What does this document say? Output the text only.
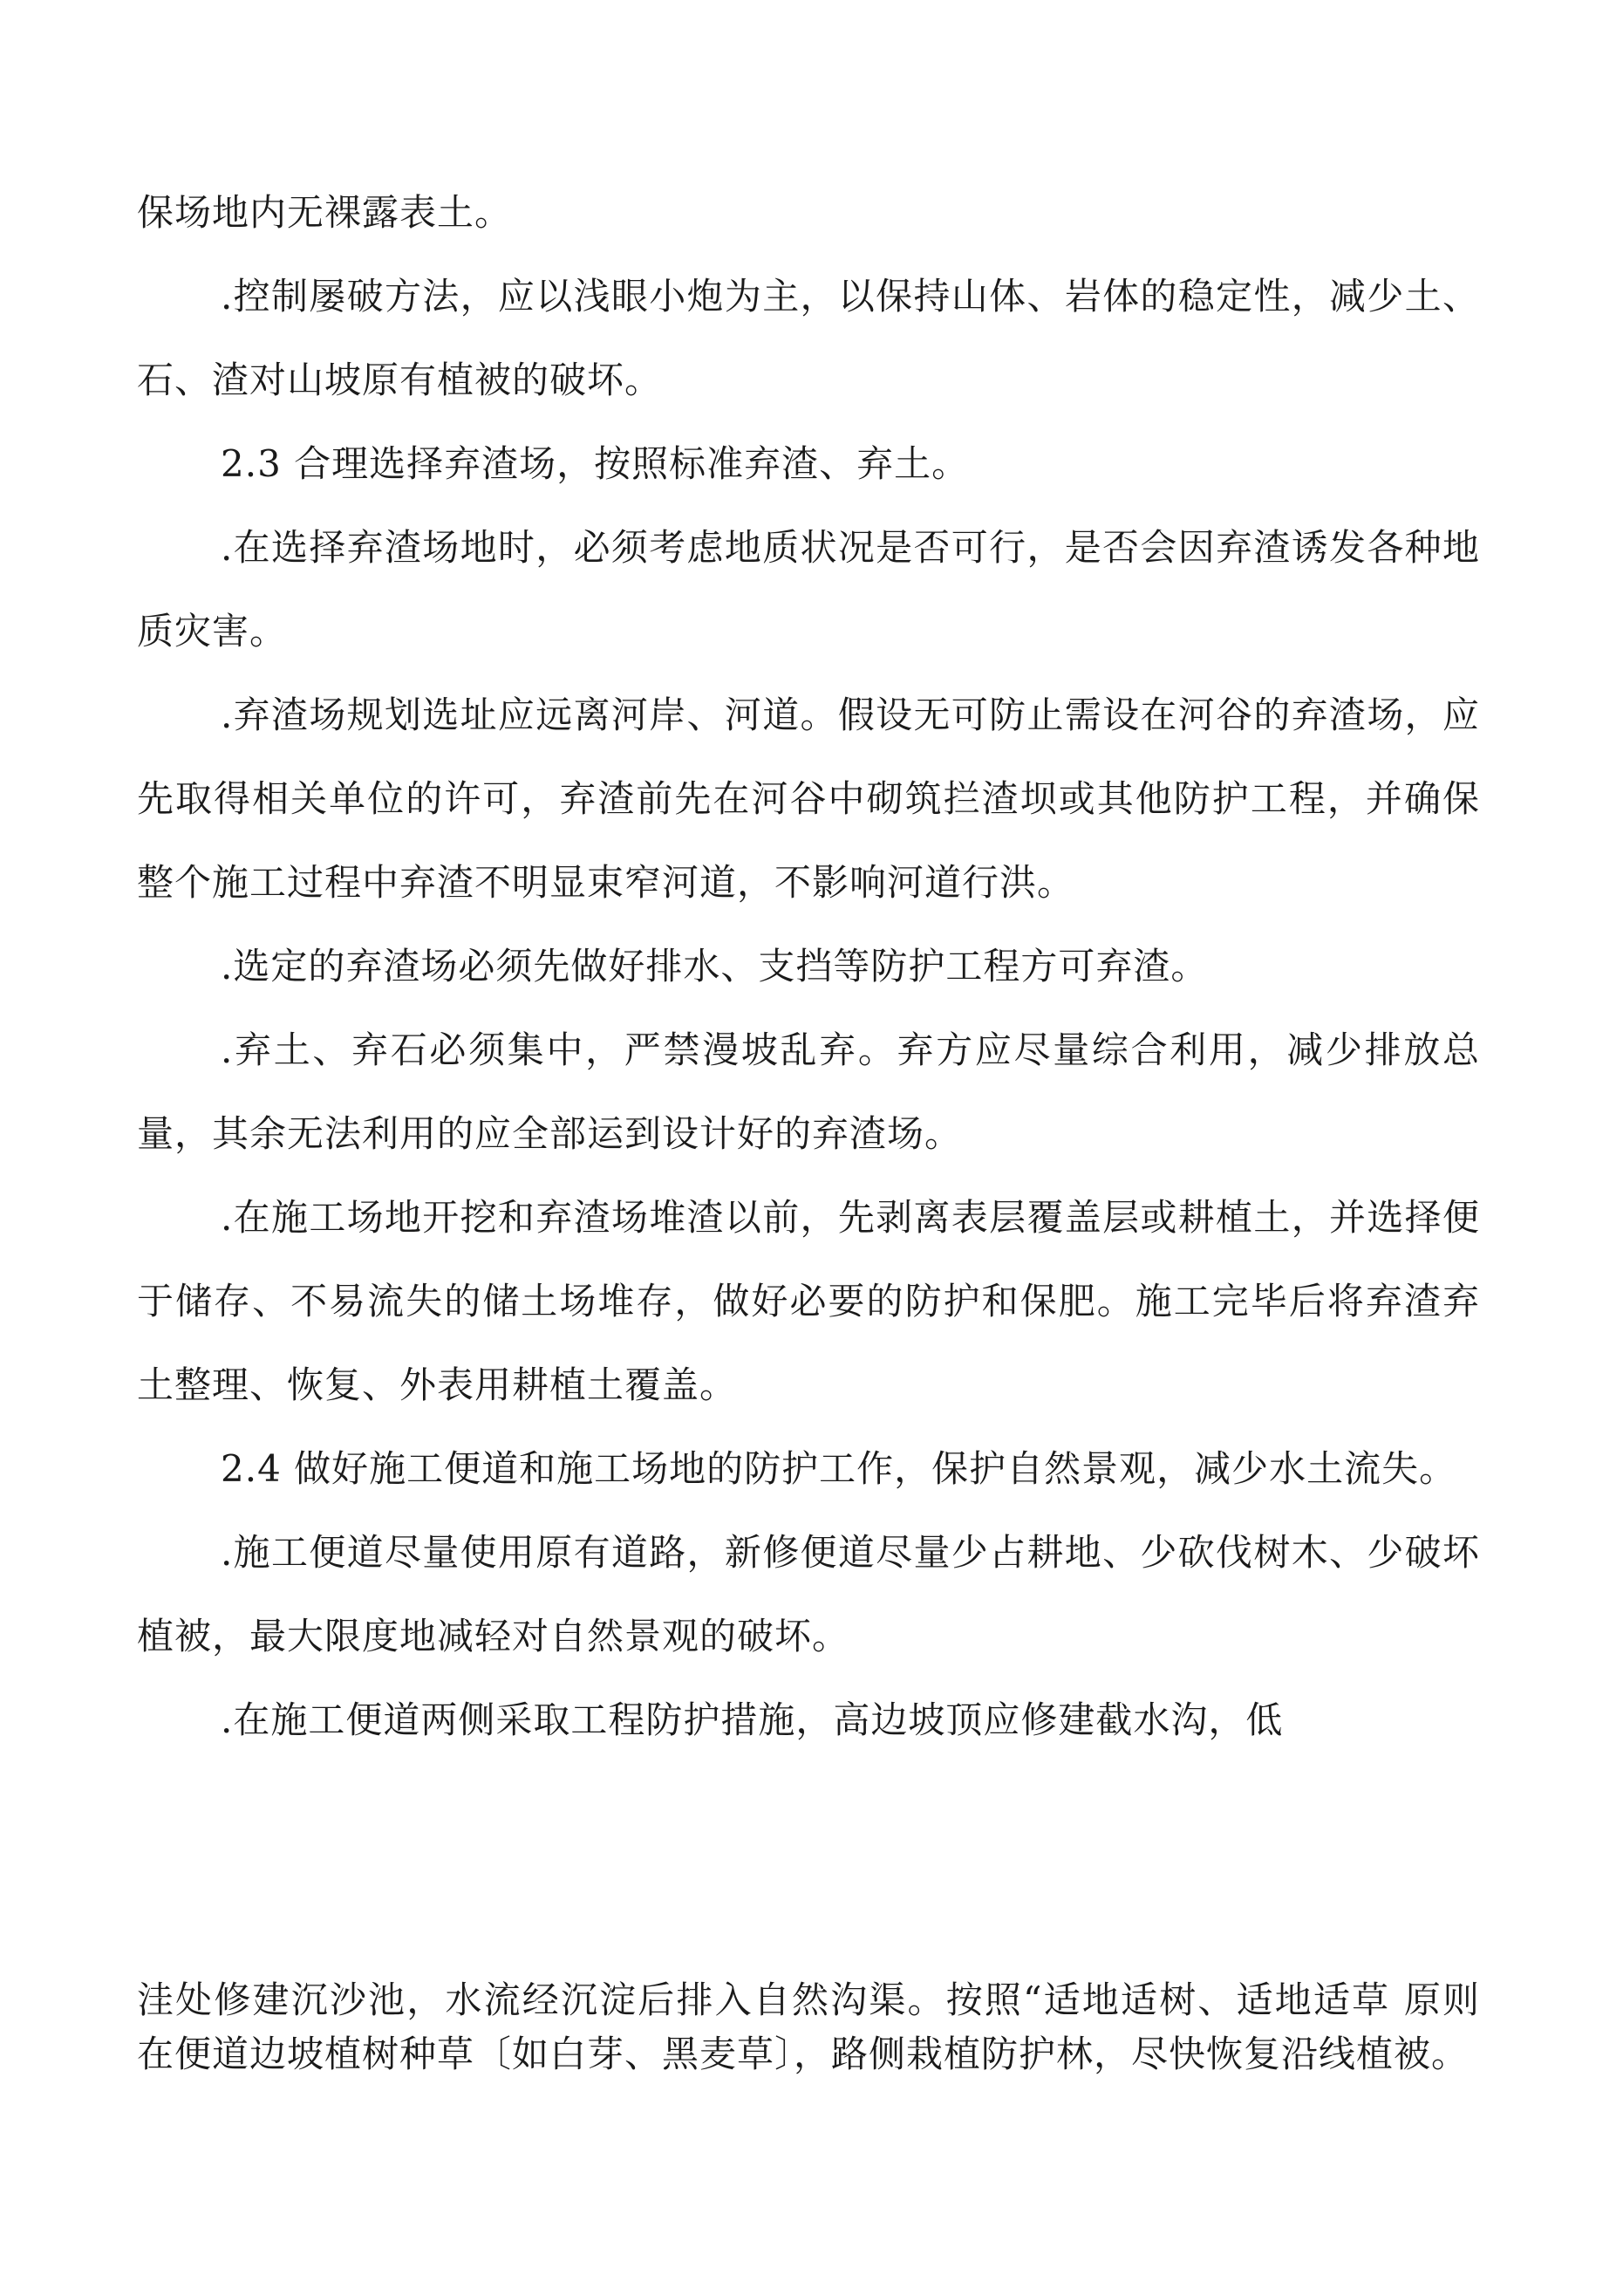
保场地内无裸露表土。

.控制屡破方法，应以浅眼小炮为主，以保持山体、岩体的稳定性，减少土、石、渣对山坡原有植被的破坏。

2.3 合理选择弃渣场，按照标准弃渣、弃土。

.在选择弃渣场地时，必须考虑地质状况是否可行，是否会因弃渣诱发各种地质灾害。

.弃渣场规划选址应远离河岸、河道。假设无可防止需设在河谷的弃渣场，应先取得相关单位的许可，弃渣前先在河谷中砌筑拦渣坝或其他防护工程，并确保整个施工过程中弃渣不明显束窄河道，不影响河道行洪。

.选定的弃渣场必须先做好排水、支挡等防护工程方可弃渣。

.弃土、弃石必须集中，严禁漫坡乱弃。弃方应尽量综合利用，减少排放总量，其余无法利用的应全部运到设计好的弃渣场。

.在施工场地开挖和弃渣场堆渣以前，先剥离表层覆盖层或耕植土，并选择便于储存、不易流失的储土场堆存，做好必要的防护和保肥。施工完毕后将弃渣弃土整理、恢复、外表用耕植土覆盖。

2.4 做好施工便道和施工场地的防护工作，保护自然景观，减少水土流失。

.施工便道尽量使用原有道路，新修便道尽量少占耕地、少砍伐树木、少破坏植被，最大限度地减轻对自然景观的破坏。

.在施工便道两侧采取工程防护措施，高边坡顶应修建截水沟，低

洼处修建沉沙池，水流经沉淀后排入自然沟渠。按照“适地适树、适地适草 原则在便道边坡植树种草〔如白芽、黑麦草〕，路侧栽植防护林，尽快恢复沿线植被。
